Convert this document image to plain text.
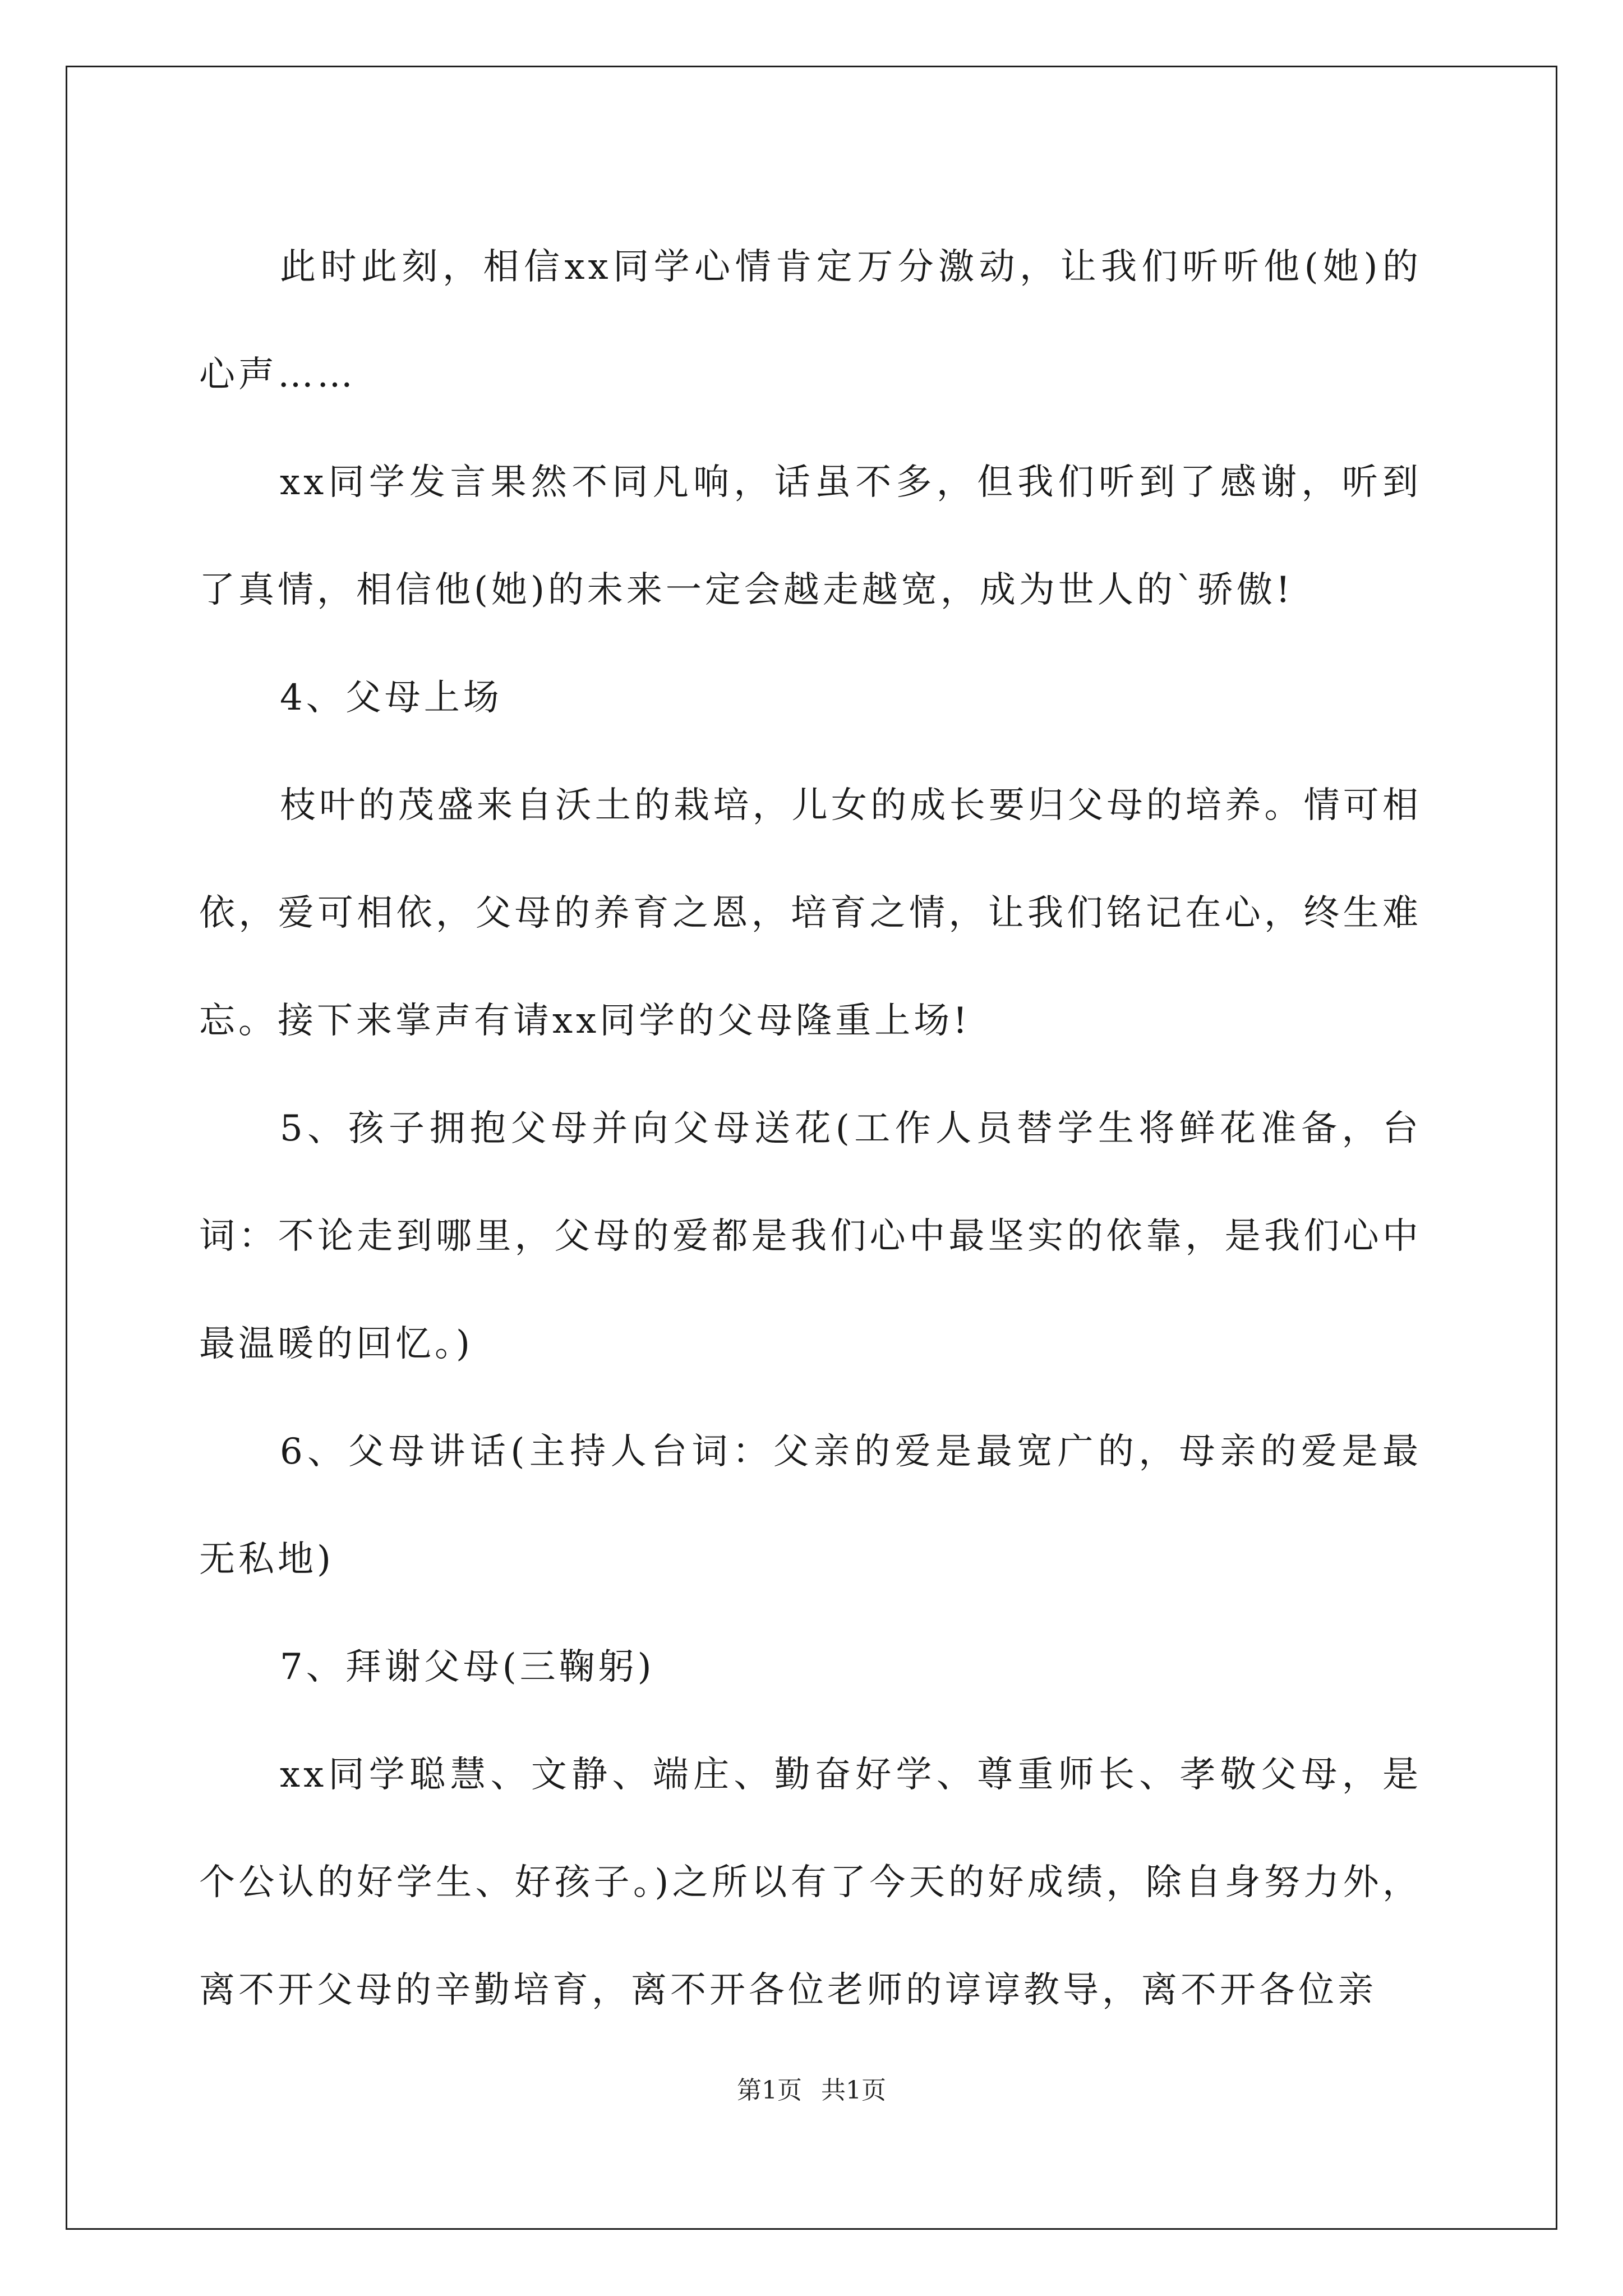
此时此刻，相信xx同学心情肯定万分激动，让我们听听他(她)的心声……

xx同学发言果然不同凡响，话虽不多，但我们听到了感谢，听到了真情，相信他(她)的未来一定会越走越宽，成为世人的`骄傲!

4、父母上场

枝叶的茂盛来自沃土的栽培，儿女的成长要归父母的培养。情可相依，爱可相依，父母的养育之恩，培育之情，让我们铭记在心，终生难忘。接下来掌声有请xx同学的父母隆重上场!

5、孩子拥抱父母并向父母送花(工作人员替学生将鲜花准备，台词：不论走到哪里，父母的爱都是我们心中最坚实的依靠，是我们心中最温暖的回忆。)

6、父母讲话(主持人台词：父亲的爱是最宽广的，母亲的爱是最无私地)

7、拜谢父母(三鞠躬)

xx同学聪慧、文静、端庄、勤奋好学、尊重师长、孝敬父母，是个公认的好学生、好孩子。)之所以有了今天的好成绩，除自身努力外，离不开父母的辛勤培育，离不开各位老师的谆谆教导，离不开各位亲

第1页 共1页
